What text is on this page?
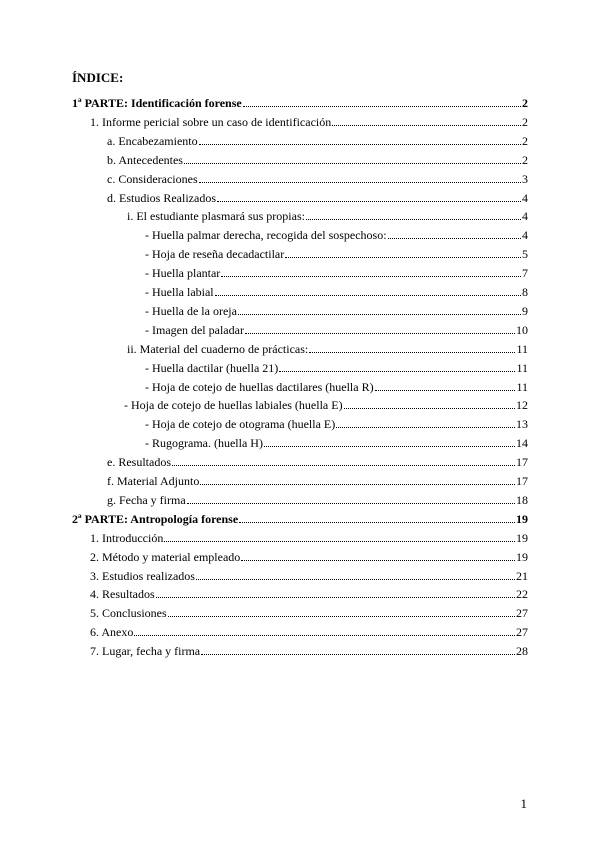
ÍNDICE:
1ª PARTE: Identificación forense	2
1. Informe pericial sobre un caso de identificación	2
a. Encabezamiento	2
b. Antecedentes	2
c. Consideraciones	3
d. Estudios Realizados	4
i. El estudiante plasmará sus propias:	4
- Huella palmar derecha, recogida del sospechoso:	4
- Hoja de reseña decadactilar	5
- Huella plantar	7
- Huella labial	8
- Huella de la oreja	9
- Imagen del paladar	10
ii. Material del cuaderno de prácticas:	11
- Huella dactilar (huella 21)	11
- Hoja de cotejo de huellas dactilares (huella R)	11
- Hoja de cotejo de huellas labiales (huella E)	12
- Hoja de cotejo de otograma (huella E)	13
- Rugograma. (huella H)	14
e. Resultados	17
f. Material Adjunto	17
g. Fecha y firma	18
2ª PARTE: Antropología forense	19
1. Introducción	19
2. Método y material empleado	19
3. Estudios realizados	21
4. Resultados	22
5. Conclusiones	27
6. Anexo	27
7. Lugar, fecha y firma	28
1
